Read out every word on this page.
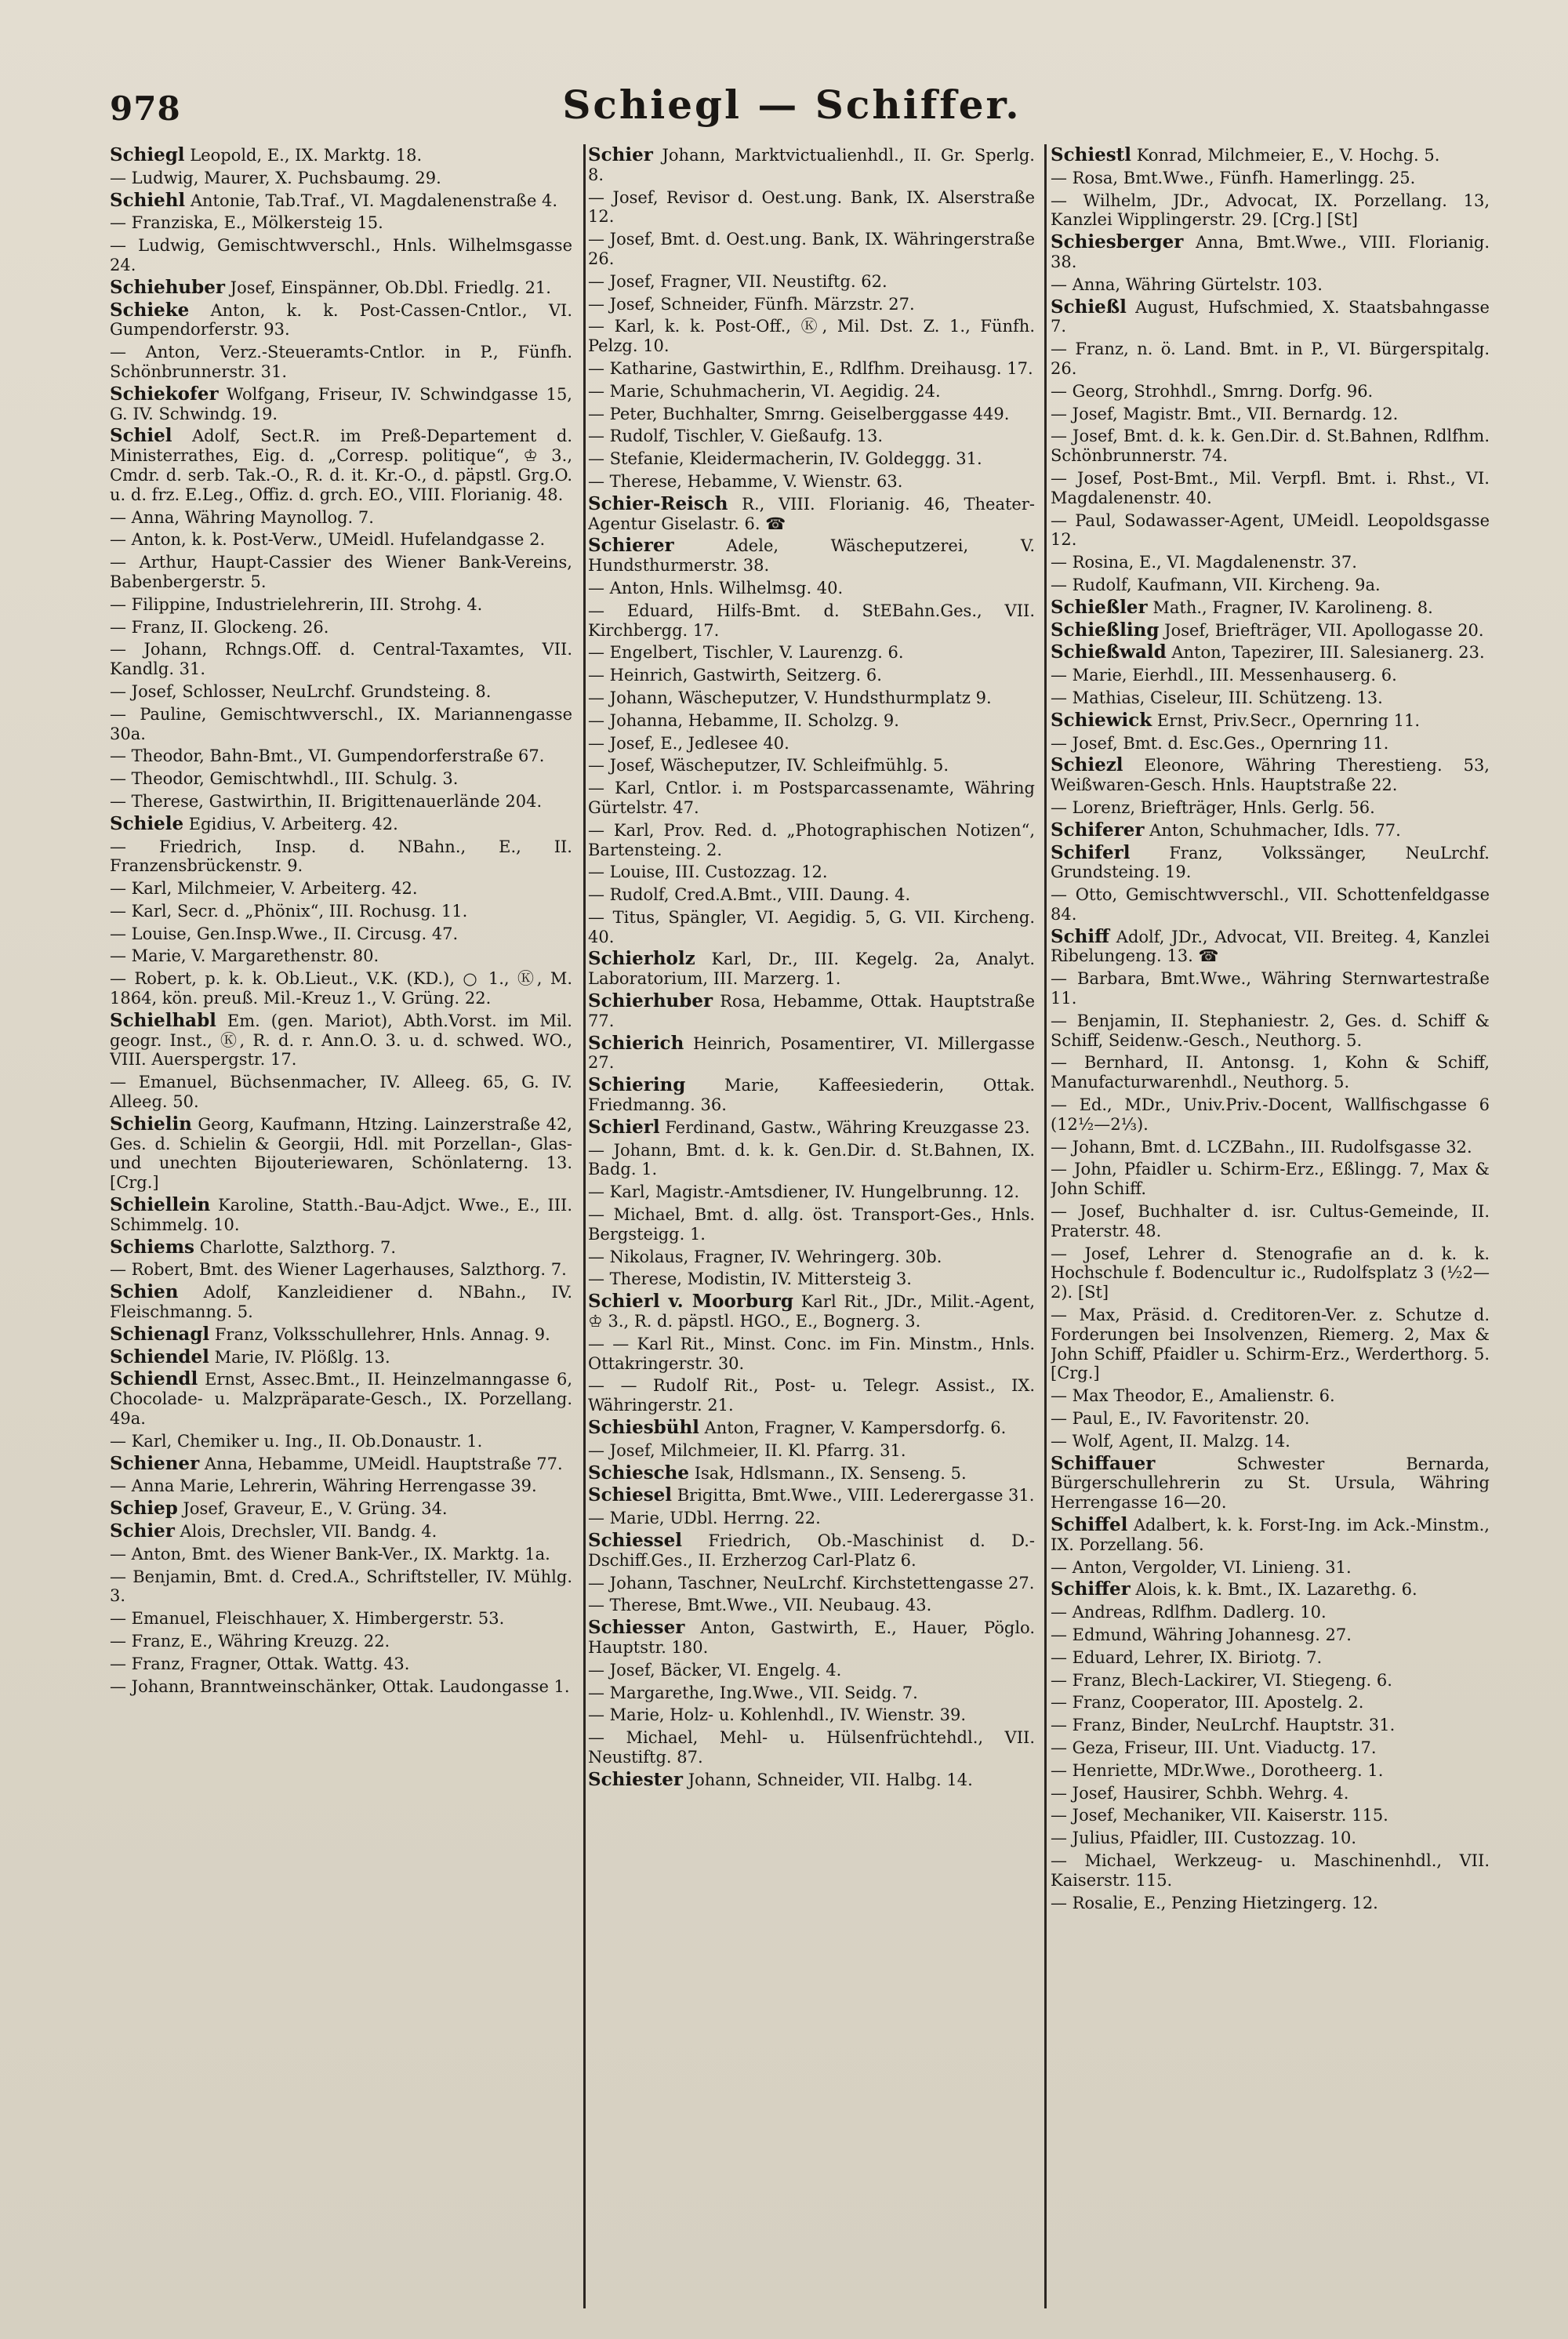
978	Schiegl — Schiffer.

Schiegl Leopold, E., IX. Marktg. 18.

— Ludwig, Maurer, X. Puchsbaumg. 29.

Schiehl Antonie, Tab.Traf., VI. Magdalenenstraße 4.

— Franziska, E., Mölkersteig 15.

— Ludwig, Gemischtwverschl., Hnls. Wilhelmsgasse 24.

Schiehuber Josef, Einspänner, Ob.Dbl. Friedlg. 21.

Schieke Anton, k. k. Post-Cassen-Cntlor., VI. Gumpendorferstr. 93.

— Anton, Verz.-Steueramts-Cntlor. in P., Fünfh. Schönbrunnerstr. 31.

Schiekofer Wolfgang, Friseur, IV. Schwindgasse 15, G. IV. Schwindg. 19.

Schiel Adolf, Sect.R. im Preß-Departement d. Ministerrathes, Eig. d. „Corresp. politique“, ♔ 3., Cmdr. d. serb. Tak.-O., R. d. it. Kr.-O., d. päpstl. Grg.O. u. d. frz. E.Leg., Offiz. d. grch. EO., VIII. Florianig. 48.

— Anna, Währing Maynollog. 7.

— Anton, k. k. Post-Verw., UMeidl. Hufelandgasse 2.

— Arthur, Haupt-Cassier des Wiener Bank-Vereins, Babenbergerstr. 5.

— Filippine, Industrielehrerin, III. Strohg. 4.

— Franz, II. Glockeng. 26.

— Johann, Rchngs.Off. d. Central-Taxamtes, VII. Kandlg. 31.

— Josef, Schlosser, NeuLrchf. Grundsteing. 8.

— Pauline, Gemischtwverschl., IX. Mariannengasse 30a.

— Theodor, Bahn-Bmt., VI. Gumpendorferstraße 67.

— Theodor, Gemischtwhdl., III. Schulg. 3.

— Therese, Gastwirthin, II. Brigittenauerlände 204.

Schiele Egidius, V. Arbeiterg. 42.

— Friedrich, Insp. d. NBahn., E., II. Franzensbrückenstr. 9.

— Karl, Milchmeier, V. Arbeiterg. 42.

— Karl, Secr. d. „Phönix“, III. Rochusg. 11.

— Louise, Gen.Insp.Wwe., II. Circusg. 47.

— Marie, V. Margarethenstr. 80.

— Robert, p. k. k. Ob.Lieut., V.K. (KD.), ○ 1., Ⓚ, M. 1864, kön. preuß. Mil.-Kreuz 1., V. Grüng. 22.

Schielhabl Em. (gen. Mariot), Abth.Vorst. im Mil. geogr. Inst., Ⓚ, R. d. r. Ann.O. 3. u. d. schwed. WO., VIII. Auerspergstr. 17.

— Emanuel, Büchsenmacher, IV. Alleeg. 65, G. IV. Alleeg. 50.

Schielin Georg, Kaufmann, Htzing. Lainzerstraße 42, Ges. d. Schielin & Georgii, Hdl. mit Porzellan-, Glas- und unechten Bijouteriewaren, Schönlaterng. 13. [Crg.]

Schiellein Karoline, Statth.-Bau-Adjct. Wwe., E., III. Schimmelg. 10.

Schiems Charlotte, Salzthorg. 7.

— Robert, Bmt. des Wiener Lagerhauses, Salzthorg. 7.

Schien Adolf, Kanzleidiener d. NBahn., IV. Fleischmanng. 5.

Schienagl Franz, Volksschullehrer, Hnls. Annag. 9.

Schiendel Marie, IV. Plößlg. 13.

Schiendl Ernst, Assec.Bmt., II. Heinzelmanngasse 6, Chocolade- u. Malzpräparate-Gesch., IX. Porzellang. 49a.

— Karl, Chemiker u. Ing., II. Ob.Donaustr. 1.

Schiener Anna, Hebamme, UMeidl. Hauptstraße 77.

— Anna Marie, Lehrerin, Währing Herrengasse 39.

Schiep Josef, Graveur, E., V. Grüng. 34.

Schier Alois, Drechsler, VII. Bandg. 4.

— Anton, Bmt. des Wiener Bank-Ver., IX. Marktg. 1a.

— Benjamin, Bmt. d. Cred.A., Schriftsteller, IV. Mühlg. 3.

— Emanuel, Fleischhauer, X. Himbergerstr. 53.

— Franz, E., Währing Kreuzg. 22.

— Franz, Fragner, Ottak. Wattg. 43.

— Johann, Branntweinschänker, Ottak. Laudongasse 1.

Schier Johann, Marktvictualienhdl., II. Gr. Sperlg. 8.

— Josef, Revisor d. Oest.ung. Bank, IX. Alserstraße 12.

— Josef, Bmt. d. Oest.ung. Bank, IX. Währingerstraße 26.

— Josef, Fragner, VII. Neustiftg. 62.

— Josef, Schneider, Fünfh. Märzstr. 27.

— Karl, k. k. Post-Off., Ⓚ, Mil. Dst. Z. 1., Fünfh. Pelzg. 10.

— Katharine, Gastwirthin, E., Rdlfhm. Dreihausg. 17.

— Marie, Schuhmacherin, VI. Aegidig. 24.

— Peter, Buchhalter, Smrng. Geiselberggasse 449.

— Rudolf, Tischler, V. Gießaufg. 13.

— Stefanie, Kleidermacherin, IV. Goldeggg. 31.

— Therese, Hebamme, V. Wienstr. 63.

Schier-Reisch R., VIII. Florianig. 46, Theater-Agentur Giselastr. 6. ☎

Schierer	Adele, Wäscheputzerei, V. Hundsthurmerstr. 38.

— Anton, Hnls. Wilhelmsg. 40.

— Eduard, Hilfs-Bmt. d. StEBahn.Ges., VII. Kirchbergg. 17.

— Engelbert, Tischler, V. Laurenzg. 6.

— Heinrich, Gastwirth, Seitzerg. 6.

— Johann, Wäscheputzer, V. Hundsthurmplatz 9.

— Johanna, Hebamme, II. Scholzg. 9.

— Josef, E., Jedlesee 40.

— Josef, Wäscheputzer, IV. Schleifmühlg. 5.

— Karl, Cntlor. i. m Postsparcassenamte, Währing Gürtelstr. 47.

— Karl, Prov. Red. d. „Photographischen Notizen“, Bartensteing. 2.

— Louise, III. Custozzag. 12.

— Rudolf, Cred.A.Bmt., VIII. Daung. 4.

— Titus, Spängler, VI. Aegidig. 5, G. VII. Kircheng. 40.

Schierholz Karl, Dr., III. Kegelg. 2a, Analyt. Laboratorium, III. Marzerg. 1.

Schierhuber Rosa, Hebamme, Ottak. Hauptstraße 77.

Schierich Heinrich, Posamentirer, VI. Millergasse 27.

Schiering Marie, Kaffeesiederin, Ottak. Friedmanng. 36.

Schierl Ferdinand, Gastw., Währing Kreuzgasse 23.

— Johann, Bmt. d. k. k. Gen.Dir. d. St.Bahnen, IX. Badg. 1.

— Karl, Magistr.-Amtsdiener, IV. Hungelbrunng. 12.

— Michael, Bmt. d. allg. öst. Transport-Ges., Hnls. Bergsteigg. 1.

— Nikolaus, Fragner, IV. Wehringerg. 30b.

— Therese, Modistin, IV. Mittersteig 3.

Schierl v. Moorburg Karl Rit., JDr., Milit.-Agent, ♔ 3., R. d. päpstl. HGO., E., Bognerg. 3.

— — Karl Rit., Minst. Conc. im Fin. Minstm., Hnls. Ottakringerstr. 30.

— — Rudolf Rit., Post- u. Telegr. Assist., IX. Währingerstr. 21.

Schiesbühl Anton, Fragner, V. Kampersdorfg. 6.

— Josef, Milchmeier, II. Kl. Pfarrg. 31.

Schiesche Isak, Hdlsmann., IX. Senseng. 5.

Schiesel Brigitta, Bmt.Wwe., VIII. Lederergasse 31.

— Marie, UDbl. Herrng. 22.

Schiessel Friedrich, Ob.-Maschinist d. D.-Dschiff.Ges., II. Erzherzog Carl-Platz 6.

— Johann, Taschner, NeuLrchf. Kirchstettengasse 27.

— Therese, Bmt.Wwe., VII. Neubaug. 43.

Schiesser Anton, Gastwirth, E., Hauer, Pöglo. Hauptstr. 180.

— Josef, Bäcker, VI. Engelg. 4.

— Margarethe, Ing.Wwe., VII. Seidg. 7.

— Marie, Holz- u. Kohlenhdl., IV. Wienstr. 39.

— Michael, Mehl- u. Hülsenfrüchtehdl., VII. Neustiftg. 87.

Schiester Johann, Schneider, VII. Halbg. 14.

Schiestl Konrad, Milchmeier, E., V. Hochg. 5.

— Rosa, Bmt.Wwe., Fünfh. Hamerlingg. 25.

— Wilhelm, JDr., Advocat, IX. Porzellang. 13, Kanzlei Wipplingerstr. 29. [Crg.] [St]

Schiesberger Anna, Bmt.Wwe., VIII. Florianig. 38.

— Anna, Währing Gürtelstr. 103.

Schießl August, Hufschmied, X. Staatsbahngasse 7.

— Franz, n. ö. Land. Bmt. in P., VI. Bürgerspitalg. 26.

— Georg, Strohhdl., Smrng. Dorfg. 96.

— Josef, Magistr. Bmt., VII. Bernardg. 12.

— Josef, Bmt. d. k. k. Gen.Dir. d. St.Bahnen, Rdlfhm. Schönbrunnerstr. 74.

— Josef, Post-Bmt., Mil. Verpfl. Bmt. i. Rhst., VI. Magdalenenstr. 40.

— Paul, Sodawasser-Agent, UMeidl. Leopoldsgasse 12.

— Rosina, E., VI. Magdalenenstr. 37.

— Rudolf, Kaufmann, VII. Kircheng. 9a.

Schießler Math., Fragner, IV. Karolineng. 8.

Schießling Josef, Briefträger, VII. Apollogasse 20.

Schießwald Anton, Tapezirer, III. Salesianerg. 23.

— Marie, Eierhdl., III. Messenhauserg. 6.

— Mathias, Ciseleur, III. Schützeng. 13.

Schiewick Ernst, Priv.Secr., Opernring 11.

— Josef, Bmt. d. Esc.Ges., Opernring 11.

Schiezl Eleonore, Währing Therestieng. 53, Weißwaren-Gesch. Hnls. Hauptstraße 22.

— Lorenz, Briefträger, Hnls. Gerlg. 56.

Schiferer Anton, Schuhmacher, Idls. 77.

Schiferl Franz, Volkssänger, NeuLrchf. Grundsteing. 19.

— Otto, Gemischtwverschl., VII. Schottenfeldgasse 84.

Schiff Adolf, JDr., Advocat, VII. Breiteg. 4, Kanzlei Ribelungeng. 13. ☎

— Barbara, Bmt.Wwe., Währing Sternwartestraße 11.

— Benjamin, II. Stephaniestr. 2, Ges. d. Schiff & Schiff, Seidenw.-Gesch., Neuthorg. 5.

— Bernhard, II. Antonsg. 1, Kohn & Schiff, Manufacturwarenhdl., Neuthorg. 5.

— Ed., MDr., Univ.Priv.-Docent, Wallfischgasse 6 (12½—2⅓).

— Johann, Bmt. d. LCZBahn., III. Rudolfsgasse 32.

— John, Pfaidler u. Schirm-Erz., Eßlingg. 7, Max & John Schiff.

— Josef, Buchhalter d. isr. Cultus-Gemeinde, II. Praterstr. 48.

— Josef, Lehrer d. Stenografie an d. k. k. Hochschule f. Bodencultur ic., Rudolfsplatz 3 (½2—2). [St]

— Max, Präsid. d. Creditoren-Ver. z. Schutze d. Forderungen bei Insolvenzen, Riemerg. 2, Max & John Schiff, Pfaidler u. Schirm-Erz., Werderthorg. 5. [Crg.]

— Max Theodor, E., Amalienstr. 6.

— Paul, E., IV. Favoritenstr. 20.

— Wolf, Agent, II. Malzg. 14.

Schiffauer	Schwester Bernarda, Bürgerschullehrerin zu St. Ursula, Währing Herrengasse 16—20.

Schiffel Adalbert, k. k. Forst-Ing. im Ack.-Minstm., IX. Porzellang. 56.

— Anton, Vergolder, VI. Linieng. 31.

Schiffer Alois, k. k. Bmt., IX. Lazarethg. 6.

— Andreas, Rdlfhm. Dadlerg. 10.

— Edmund, Währing Johannesg. 27.

— Eduard, Lehrer, IX. Biriotg. 7.

— Franz, Blech-Lackirer, VI. Stiegeng. 6.

— Franz, Cooperator, III. Apostelg. 2.

— Franz, Binder, NeuLrchf. Hauptstr. 31.

— Geza, Friseur, III. Unt. Viaductg. 17.

— Henriette, MDr.Wwe., Dorotheerg. 1.

— Josef, Hausirer, Schbh. Wehrg. 4.

— Josef, Mechaniker, VII. Kaiserstr. 115.

— Julius, Pfaidler, III. Custozzag. 10.

— Michael, Werkzeug- u. Maschinenhdl., VII. Kaiserstr. 115.

— Rosalie, E., Penzing Hietzingerg. 12.
